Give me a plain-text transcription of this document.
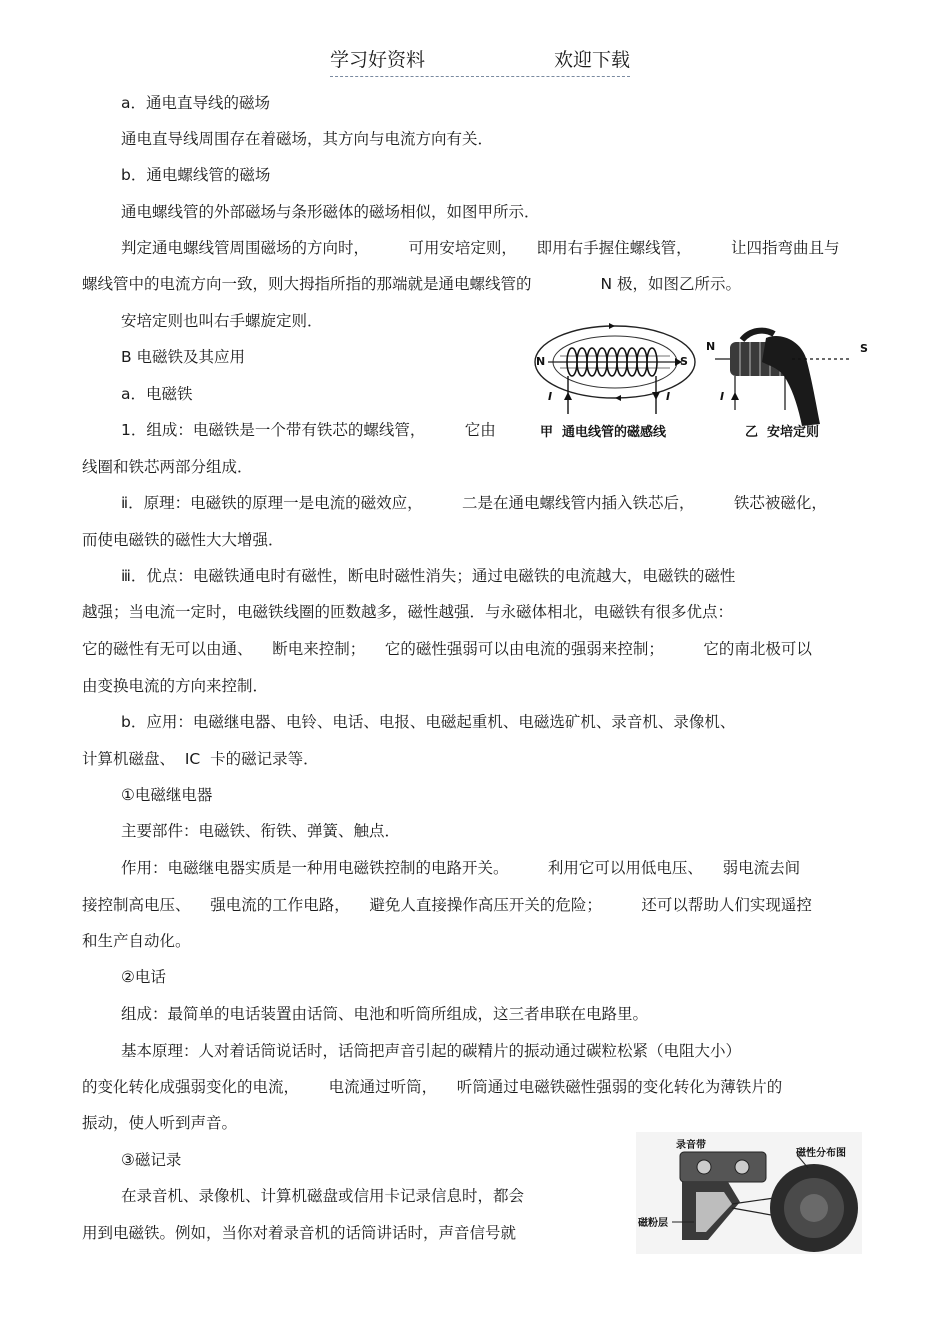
学习好资料	欢迎下载
a．通电直导线的磁场
通电直导线周围存在着磁场，其方向与电流方向有关．
b．通电螺线管的磁场
通电螺线管的外部磁场与条形磁体的磁场相似，如图甲所示．
判定通电螺线管周围磁场的方向时，        可用安培定则，    即用右手握住螺线管，        让四指弯曲且与
螺线管中的电流方向一致，则大拇指所指的那端就是通电螺线管的              N 极，如图乙所示。
安培定则也叫右手螺旋定则．
B 电磁铁及其应用
a．电磁铁
1．组成：电磁铁是一个带有铁芯的螺线管，        它由
线圈和铁芯两部分组成．
ⅱ．原理：电磁铁的原理一是电流的磁效应，        二是在通电螺线管内插入铁芯后，        铁芯被磁化，
而使电磁铁的磁性大大增强．
ⅲ．优点：电磁铁通电时有磁性，断电时磁性消失；通过电磁铁的电流越大，电磁铁的磁性
越强；当电流一定时，电磁铁线圈的匝数越多，磁性越强．与永磁体相北，电磁铁有很多优点：
它的磁性有无可以由通、    断电来控制；    它的磁性强弱可以由电流的强弱来控制；        它的南北极可以
由变换电流的方向来控制．
b．应用：电磁继电器、电铃、电话、电报、电磁起重机、电磁选矿机、录音机、录像机、
计算机磁盘、  IC  卡的磁记录等．
①电磁继电器
主要部件：电磁铁、衔铁、弹簧、触点．
作用：电磁继电器实质是一种用电磁铁控制的电路开关。        利用它可以用低电压、    弱电流去间
接控制高电压、    强电流的工作电路，    避免人直接操作高压开关的危险；        还可以帮助人们实现遥控
和生产自动化。
②电话
组成：最简单的电话装置由话筒、电池和听筒所组成，这三者串联在电路里。
基本原理：人对着话筒说话时，话筒把声音引起的碳精片的振动通过碳粒松紧（电阻大小）
的变化转化成强弱变化的电流，      电流通过听筒，    听筒通过电磁铁磁性强弱的变化转化为薄铁片的
振动，使人听到声音。
③磁记录
在录音机、录像机、计算机磁盘或信用卡记录信息时，都会
用到电磁铁。例如，当你对着录音机的话筒讲话时，声音信号就
N	S
I	I
N	S
I
甲  通电线管的磁感线	乙  安培定则
录音带
磁性分布图
磁粉层
